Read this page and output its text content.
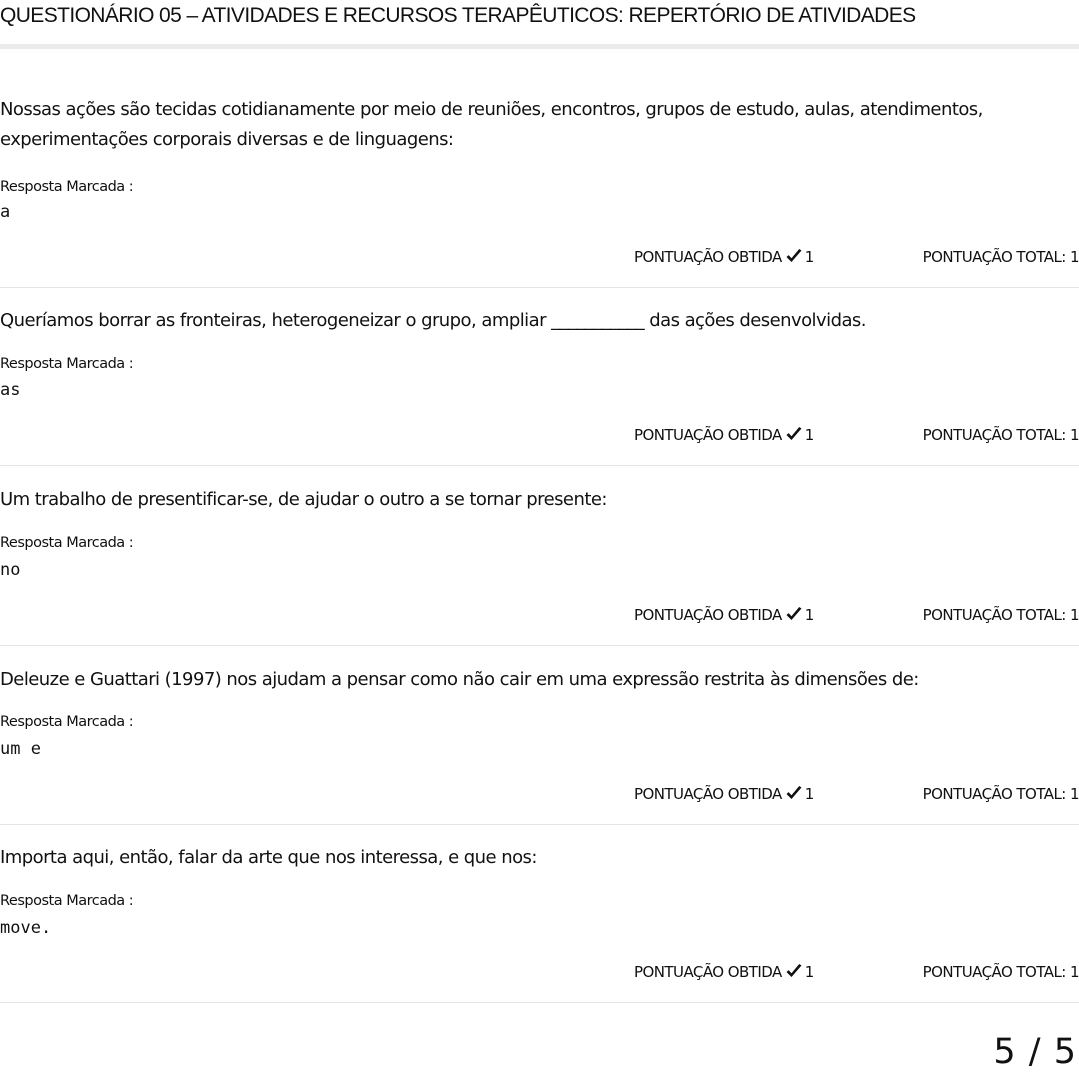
QUESTIONÁRIO 05 – ATIVIDADES E RECURSOS TERAPÊUTICOS: REPERTÓRIO DE ATIVIDADES
Nossas ações são tecidas cotidianamente por meio de reuniões, encontros, grupos de estudo, aulas, atendimentos, experimentações corporais diversas e de linguagens:
Resposta Marcada :
a
PONTUAÇÃO OBTIDA 1	PONTUAÇÃO TOTAL: 1
Queríamos borrar as fronteiras, heterogeneizar o grupo, ampliar ___________ das ações desenvolvidas.
Resposta Marcada :
as
PONTUAÇÃO OBTIDA 1	PONTUAÇÃO TOTAL: 1
Um trabalho de presentificar-se, de ajudar o outro a se tornar presente:
Resposta Marcada :
no
PONTUAÇÃO OBTIDA 1	PONTUAÇÃO TOTAL: 1
Deleuze e Guattari (1997) nos ajudam a pensar como não cair em uma expressão restrita às dimensões de:
Resposta Marcada :
um e
PONTUAÇÃO OBTIDA 1	PONTUAÇÃO TOTAL: 1
Importa aqui, então, falar da arte que nos interessa, e que nos:
Resposta Marcada :
move.
PONTUAÇÃO OBTIDA 1	PONTUAÇÃO TOTAL: 1
5 / 5
